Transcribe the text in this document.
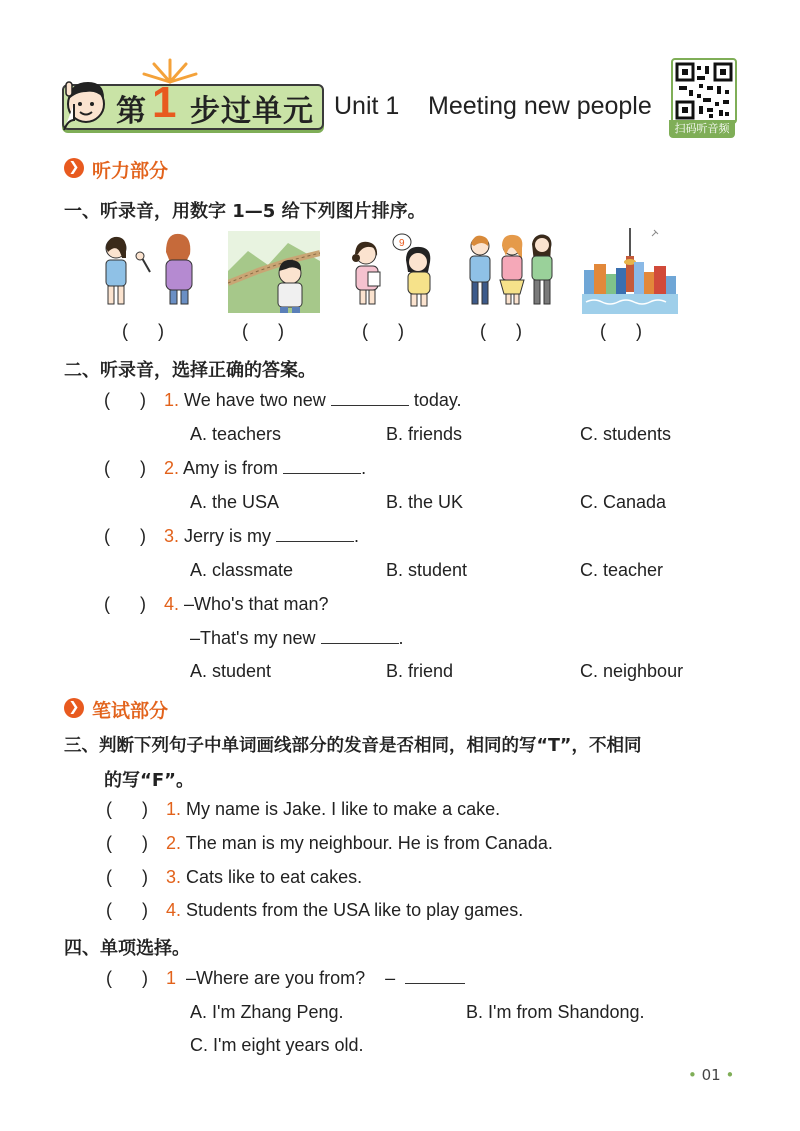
第 1 步过单元 Unit 1 Meeting new people
扫码听音频
❯ 听力部分
一、听录音，用数字 1—5 给下列图片排序。
9
(      )	(      )	(      )	(      )	(      )
二、听录音，选择正确的答案。
(      ) 1. We have two new	today.
A. teachers	B. friends	C. students
(      ) 2. Amy is from	.
A. the USA	B. the UK	C. Canada
(      ) 3. Jerry is my	.
A. classmate	B. student	C. teacher
(      ) 4. –Who's that man?
–That's my new	.
A. student	B. friend	C. neighbour
❯ 笔试部分
三、判断下列句子中单词画线部分的发音是否相同，相同的写“T”，不相同
的写“F”。
(      ) 1. My name is Jake. I like to make a cake.
(      ) 2. The man is my neighbour. He is from Canada.
(      ) 3. Cats like to eat cakes.
(      ) 4. Students from the USA like to play games.
四、单项选择。
(      ) 1 –Where are you from? –
A. I'm Zhang Peng.	B. I'm from Shandong.
C. I'm eight years old.
• 01 •
